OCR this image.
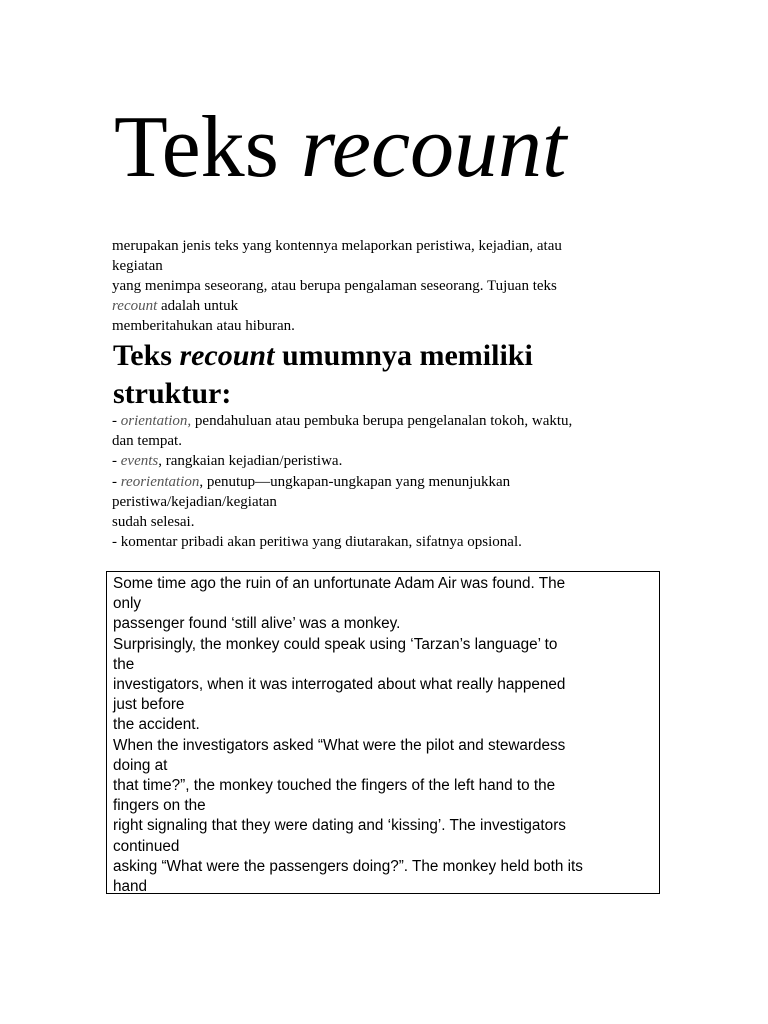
Teks recount
merupakan jenis teks yang kontennya melaporkan peristiwa, kejadian, atau
kegiatan
yang menimpa seseorang, atau berupa pengalaman seseorang. Tujuan teks
recount adalah untuk
memberitahukan atau hiburan.
Teks recount umumnya memiliki
struktur:
- orientation, pendahuluan atau pembuka berupa pengelanalan tokoh, waktu,
dan tempat.
- events, rangkaian kejadian/peristiwa.
- reorientation, penutup—ungkapan-ungkapan yang menunjukkan
peristiwa/kejadian/kegiatan
sudah selesai.
- komentar pribadi akan peritiwa yang diutarakan, sifatnya opsional.
Some time ago the ruin of an unfortunate Adam Air was found. The
only
passenger found ‘still alive’ was a monkey.
Surprisingly, the monkey could speak using ‘Tarzan’s language’ to
the
investigators, when it was interrogated about what really happened
just before
the accident.
When the investigators asked “What were the pilot and stewardess
doing at
that time?”, the monkey touched the fingers of the left hand to the
fingers on the
right signaling that they were dating and ‘kissing’. The investigators
continued
asking “What were the passengers doing?”. The monkey held both its
hand
